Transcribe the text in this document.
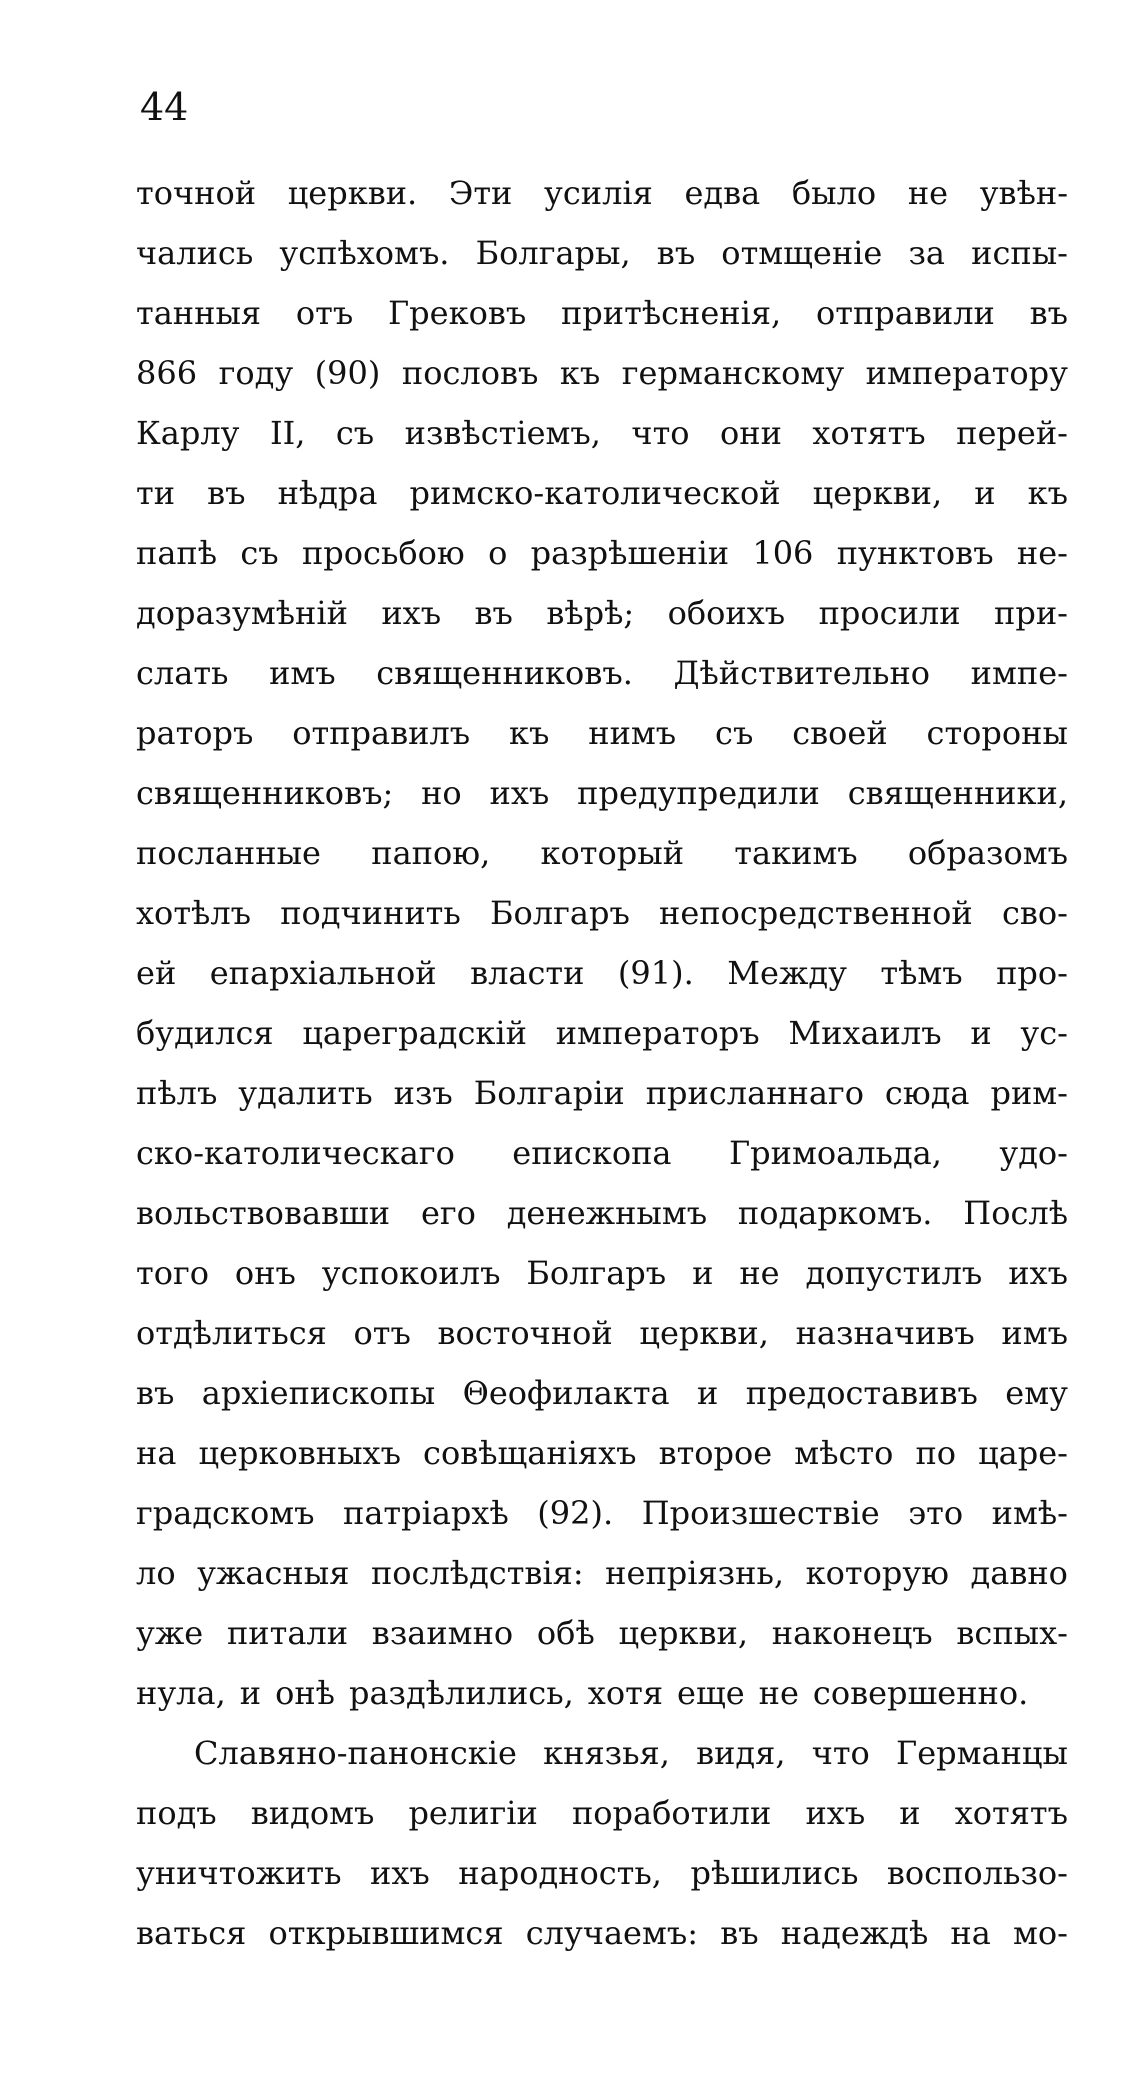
44
точной церкви. Эти усилія едва было не увѣн-
чались успѣхомъ. Болгары, въ отмщеніе за испы-
танныя отъ Грековъ притѣсненія, отправили въ
866 году (90) пословъ къ германскому императору
Карлу II, съ извѣстіемъ, что они хотятъ перей-
ти въ нѣдра римско-католической церкви, и къ
папѣ съ просьбою о разрѣшеніи 106 пунктовъ не-
доразумѣній ихъ въ вѣрѣ; обоихъ просили при-
слать имъ священниковъ. Дѣйствительно импе-
раторъ отправилъ къ нимъ съ своей стороны
священниковъ; но ихъ предупредили священники,
посланные папою, который такимъ образомъ
хотѣлъ подчинить Болгаръ непосредственной сво-
ей епархіальной власти (91). Между тѣмъ про-
будился цареградскій императоръ Михаилъ и ус-
пѣлъ удалить изъ Болгаріи присланнаго сюда рим-
ско-католическаго епископа Гримоальда, удо-
вольствовавши его денежнымъ подаркомъ. Послѣ
того онъ успокоилъ Болгаръ и не допустилъ ихъ
отдѣлиться отъ восточной церкви, назначивъ имъ
въ архіепископы Θеофилакта и предоставивъ ему
на церковныхъ совѣщаніяхъ второе мѣсто по царе-
градскомъ патріархѣ (92). Произшествіе это имѣ-
ло ужасныя послѣдствія: непріязнь, которую давно
уже питали взаимно обѣ церкви, наконецъ вспых-
нула, и онѣ раздѣлились, хотя еще не совершенно.
Славяно-панонскіе князья, видя, что Германцы
подъ видомъ религіи поработили ихъ и хотятъ
уничтожить ихъ народность, рѣшились воспользо-
ваться открывшимся случаемъ: въ надеждѣ на мо-
